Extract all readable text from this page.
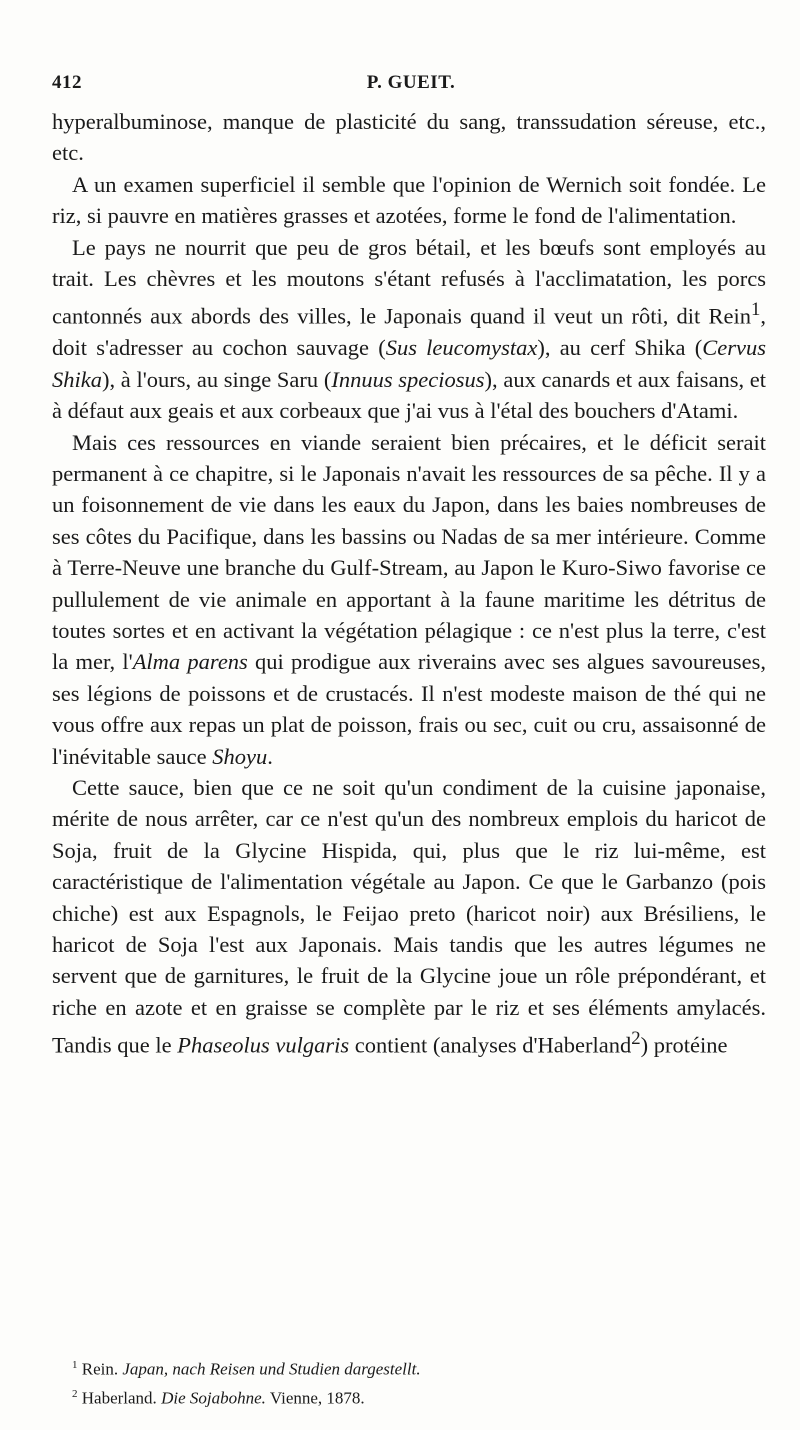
412	P. GUEIT.

hyperalbuminose, manque de plasticité du sang, transsudation séreuse, etc., etc.

A un examen superficiel il semble que l'opinion de Wernich soit fondée. Le riz, si pauvre en matières grasses et azotées, forme le fond de l'alimentation.

Le pays ne nourrit que peu de gros bétail, et les bœufs sont employés au trait. Les chèvres et les moutons s'étant refusés à l'acclimatation, les porcs cantonnés aux abords des villes, le Japonais quand il veut un rôti, dit Rein$^1$, doit s'adresser au cochon sauvage (Sus leucomystax), au cerf Shika (Cervus Shika), à l'ours, au singe Saru (Innuus speciosus), aux canards et aux faisans, et à défaut aux geais et aux corbeaux que j'ai vus à l'étal des bouchers d'Atami.

Mais ces ressources en viande seraient bien précaires, et le déficit serait permanent à ce chapitre, si le Japonais n'avait les ressources de sa pêche. Il y a un foisonnement de vie dans les eaux du Japon, dans les baies nombreuses de ses côtes du Pacifique, dans les bassins ou Nadas de sa mer intérieure. Comme à Terre-Neuve une branche du Gulf-Stream, au Japon le Kuro-Siwo favorise ce pullulement de vie animale en apportant à la faune maritime les détritus de toutes sortes et en activant la végétation pélagique : ce n'est plus la terre, c'est la mer, l'Alma parens qui prodigue aux riverains avec ses algues savoureuses, ses légions de poissons et de crustacés. Il n'est modeste maison de thé qui ne vous offre aux repas un plat de poisson, frais ou sec, cuit ou cru, assaisonné de l'inévitable sauce Shoyu.

Cette sauce, bien que ce ne soit qu'un condiment de la cuisine japonaise, mérite de nous arrêter, car ce n'est qu'un des nombreux emplois du haricot de Soja, fruit de la Glycine Hispida, qui, plus que le riz lui-même, est caractéristique de l'alimentation végétale au Japon. Ce que le Garbanzo (pois chiche) est aux Espagnols, le Feijao preto (haricot noir) aux Brésiliens, le haricot de Soja l'est aux Japonais. Mais tandis que les autres légumes ne servent que de garnitures, le fruit de la Glycine joue un rôle prépondérant, et riche en azote et en graisse se complète par le riz et ses éléments amylacés. Tandis que le Phaseolus vulgaris contient (analyses d'Haberland$^2$) protéine

$^1$ Rein. Japan, nach Reisen und Studien dargestellt.

$^2$ Haberland. Die Sojabohne. Vienne, 1878.
